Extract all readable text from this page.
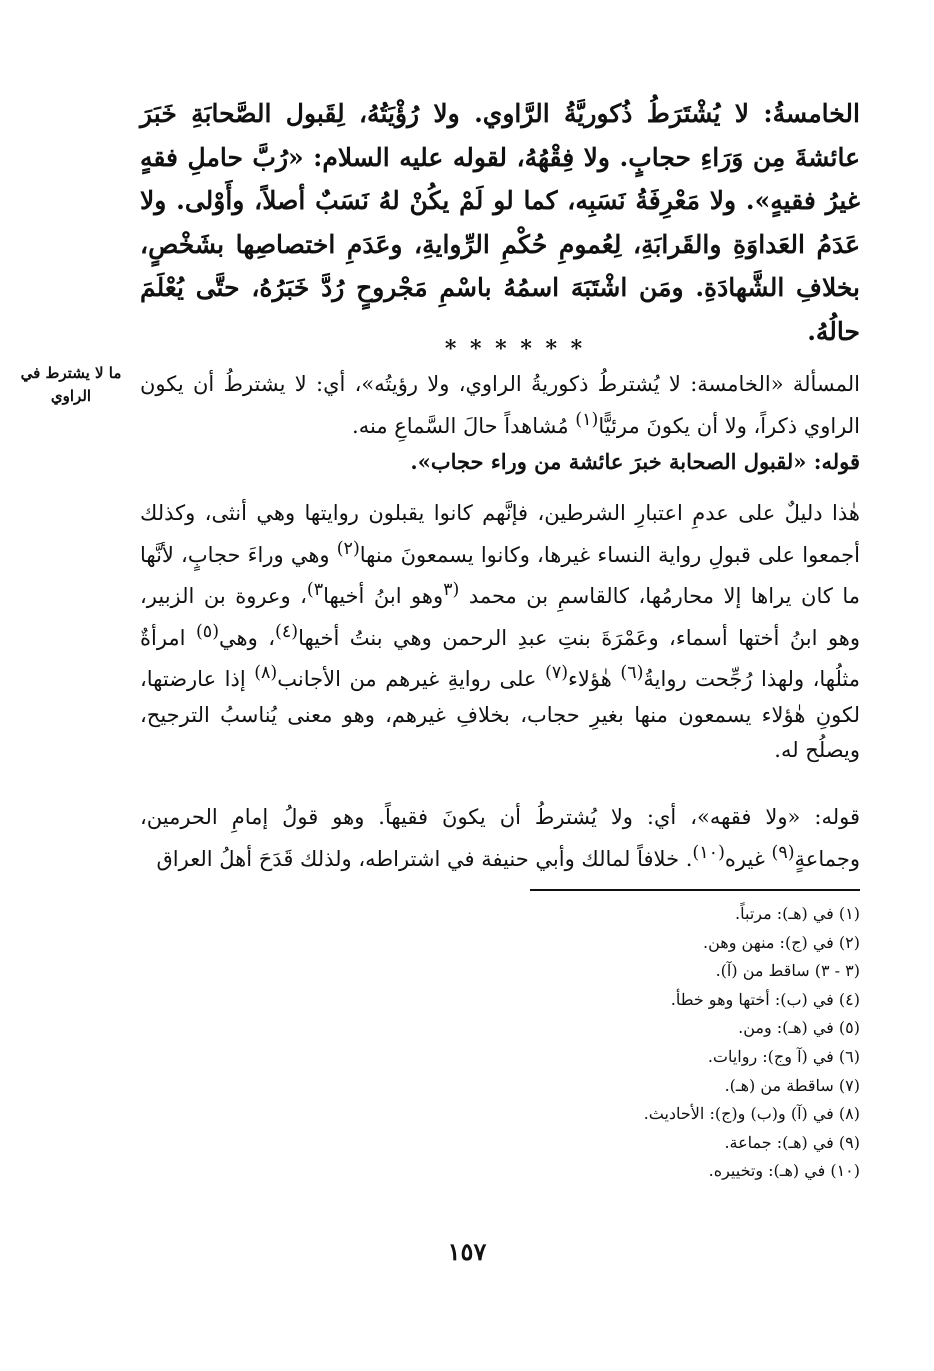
الخامسةُ: لا يُشْتَرَطُ ذُكوريَّةُ الرَّاوي. ولا رُؤْيَتُهُ، لِقَبول الصَّحابَةِ خَبَرَ عائشةَ مِن وَرَاءِ حجابٍ. ولا فِقْهُهُ، لقوله عليه السلام: «رُبَّ حاملِ فقهٍ غيرُ فقيهٍ». ولا مَعْرِفَةُ نَسَبِه، كما لو لَمْ يكُنْ لهُ نَسَبٌ أصلاً، وأَوْلى. ولا عَدَمُ العَداوَةِ والقَرابَةِ، لِعُمومِ حُكْمِ الرِّوايةِ، وعَدَمِ اختصاصِها بشَخْصٍ، بخلافِ الشَّهادَةِ. ومَن اشْتَبَهَ اسمُهُ باسْمِ مَجْروحٍ رُدَّ خَبَرُهُ، حتَّى يُعْلَمَ حالُهُ.

* * * * * *
ما لا يشترط في الراوي	المسألة «الخامسة: لا يُشترطُ ذكوريةُ الراوي، ولا رؤيتُه»، أي: لا يشترطُ أن يكون الراوي ذكراً، ولا أن يكونَ مرئيًّا$^{(١)}$ مُشاهداً حالَ السَّماعِ منه.

قوله: «لقبول الصحابة خبرَ عائشة من وراء حجاب».

هٰذا دليلٌ على عدمِ اعتبارِ الشرطين، فإنَّهم كانوا يقبلون روايتها وهي أنثى، وكذلك أجمعوا على قبولِ رواية النساء غيرها، وكانوا يسمعونَ منها$^{(٢)}$ وهي وراءَ حجابٍ، لأنَّها ما كان يراها إلا محارمُها، كالقاسمِ بن محمد $^{(٣}$وهو ابنُ أخيها$^{٣)}$، وعروة بن الزبير، وهو ابنُ أختها أسماء، وعَمْرَةَ بنتِ عبدِ الرحمن وهي بنتُ أخيها$^{(٤)}$، وهي$^{(٥)}$ امرأةٌ مثلُها، ولهذا رُجِّحت روايةُ$^{(٦)}$ هٰؤلاء$^{(٧)}$ على روايةِ غيرهم من الأجانب$^{(٨)}$ إذا عارضتها، لكونِ هٰؤلاء يسمعون منها بغيرِ حجاب، بخلافِ غيرهم، وهو معنى يُناسبُ الترجيح، ويصلُح له.

قوله: «ولا فقهه»، أي: ولا يُشترطُ أن يكونَ فقيهاً. وهو قولُ إمامِ الحرمين، وجماعةٍ$^{(٩)}$ غيره$^{(١٠)}$. خلافاً لمالك وأبي حنيفة في اشتراطه، ولذلك قَدَحَ أهلُ العراق

(١) في (هـ): مرتباً.
(٢) في (ج): منهن وهن.
(٣ - ٣) ساقط من (آ).
(٤) في (ب): أختها وهو خطأ.
(٥) في (هـ): ومن.
(٦) في (آ وج): روايات.
(٧) ساقطة من (هـ).
(٨) في (آ) و(ب) و(ج): الأحاديث.
(٩) في (هـ): جماعة.
(١٠) في (هـ): وتخييره.
١٥٧
